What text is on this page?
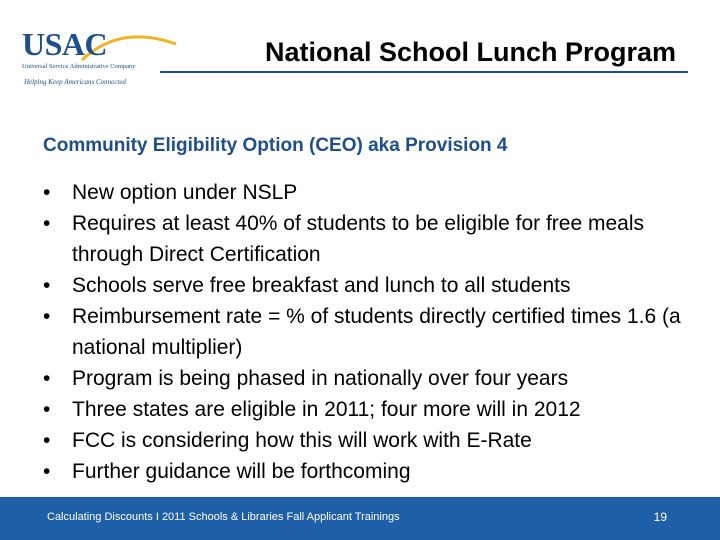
USAC
Universal Service Administrative Company
Helping Keep Americans Connected
National School Lunch Program
Community Eligibility Option (CEO) aka Provision 4
• New option under NSLP
• Requires at least 40% of students to be eligible for free meals through Direct Certification
• Schools serve free breakfast and lunch to all students
• Reimbursement rate = % of students directly certified times 1.6 (a national multiplier)
• Program is being phased in nationally over four years
• Three states are eligible in 2011; four more will in 2012
• FCC is considering how this will work with E-Rate
• Further guidance will be forthcoming
Calculating Discounts I 2011 Schools & Libraries Fall Applicant Trainings	19
